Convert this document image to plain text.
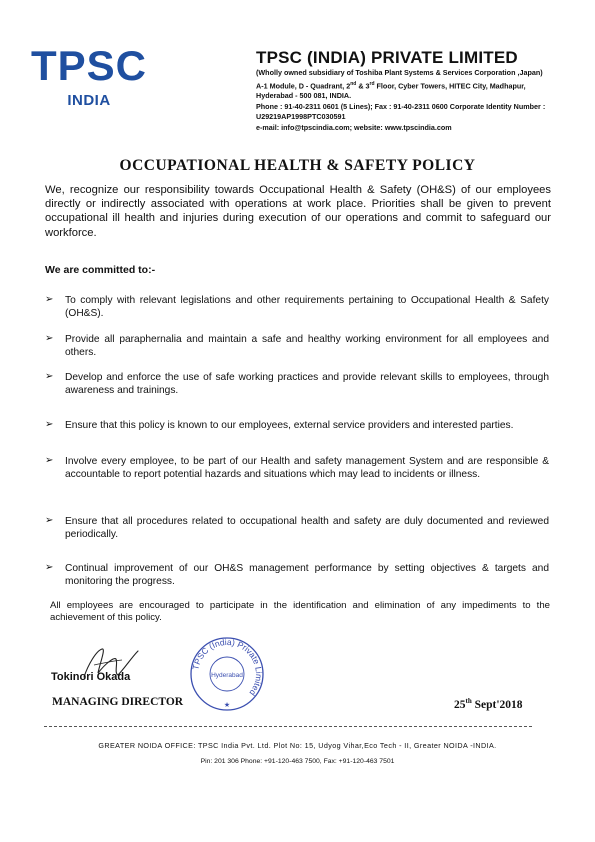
TPSC
INDIA
TPSC (INDIA) PRIVATE LIMITED
(Wholly owned subsidiary of Toshiba Plant Systems & Services Corporation ,Japan)
A-1 Module, D - Quadrant, 2nd & 3rd Floor, Cyber Towers, HITEC City, Madhapur,
Hyderabad - 500 081, INDIA.
Phone : 91-40-2311 0601 (5 Lines); Fax : 91-40-2311 0600 Corporate Identity Number :
U29219AP1998PTC030591
e-mail: info@tpscindia.com; website: www.tpscindia.com
OCCUPATIONAL HEALTH & SAFETY POLICY
We, recognize our responsibility towards Occupational Health & Safety (OH&S) of our employees directly or indirectly associated with operations at work place. Priorities shall be given to prevent occupational ill health and injuries during execution of our operations and commit to safeguard our workforce.
We are committed to:-
➢	To comply with relevant legislations and other requirements pertaining to Occupational Health & Safety (OH&S).
➢	Provide all paraphernalia and maintain a safe and healthy working environment for all employees and others.
➢	Develop and enforce the use of safe working practices and provide relevant skills to employees, through awareness and trainings.
➢	Ensure that this policy is known to our employees, external service providers and interested parties.
➢	Involve every employee, to be part of our Health and safety management System and are responsible & accountable to report potential hazards and situations which may lead to incidents or illness.
➢	Ensure that all procedures related to occupational health and safety are duly documented and reviewed periodically.
➢	Continual improvement of our OH&S management performance by setting objectives & targets and monitoring the progress.
All employees are encouraged to participate in the identification and elimination of any impediments to the achievement of this policy.
Tokinori Okada
TPSC (India) Private Limited
Hyderabad
★
MANAGING DIRECTOR	25th Sept'2018
GREATER NOIDA OFFICE: TPSC India Pvt. Ltd. Plot No: 15, Udyog Vihar,Eco Tech - II, Greater NOIDA -INDIA.
Pin: 201 306 Phone: +91-120-463 7500, Fax: +91-120-463 7501
